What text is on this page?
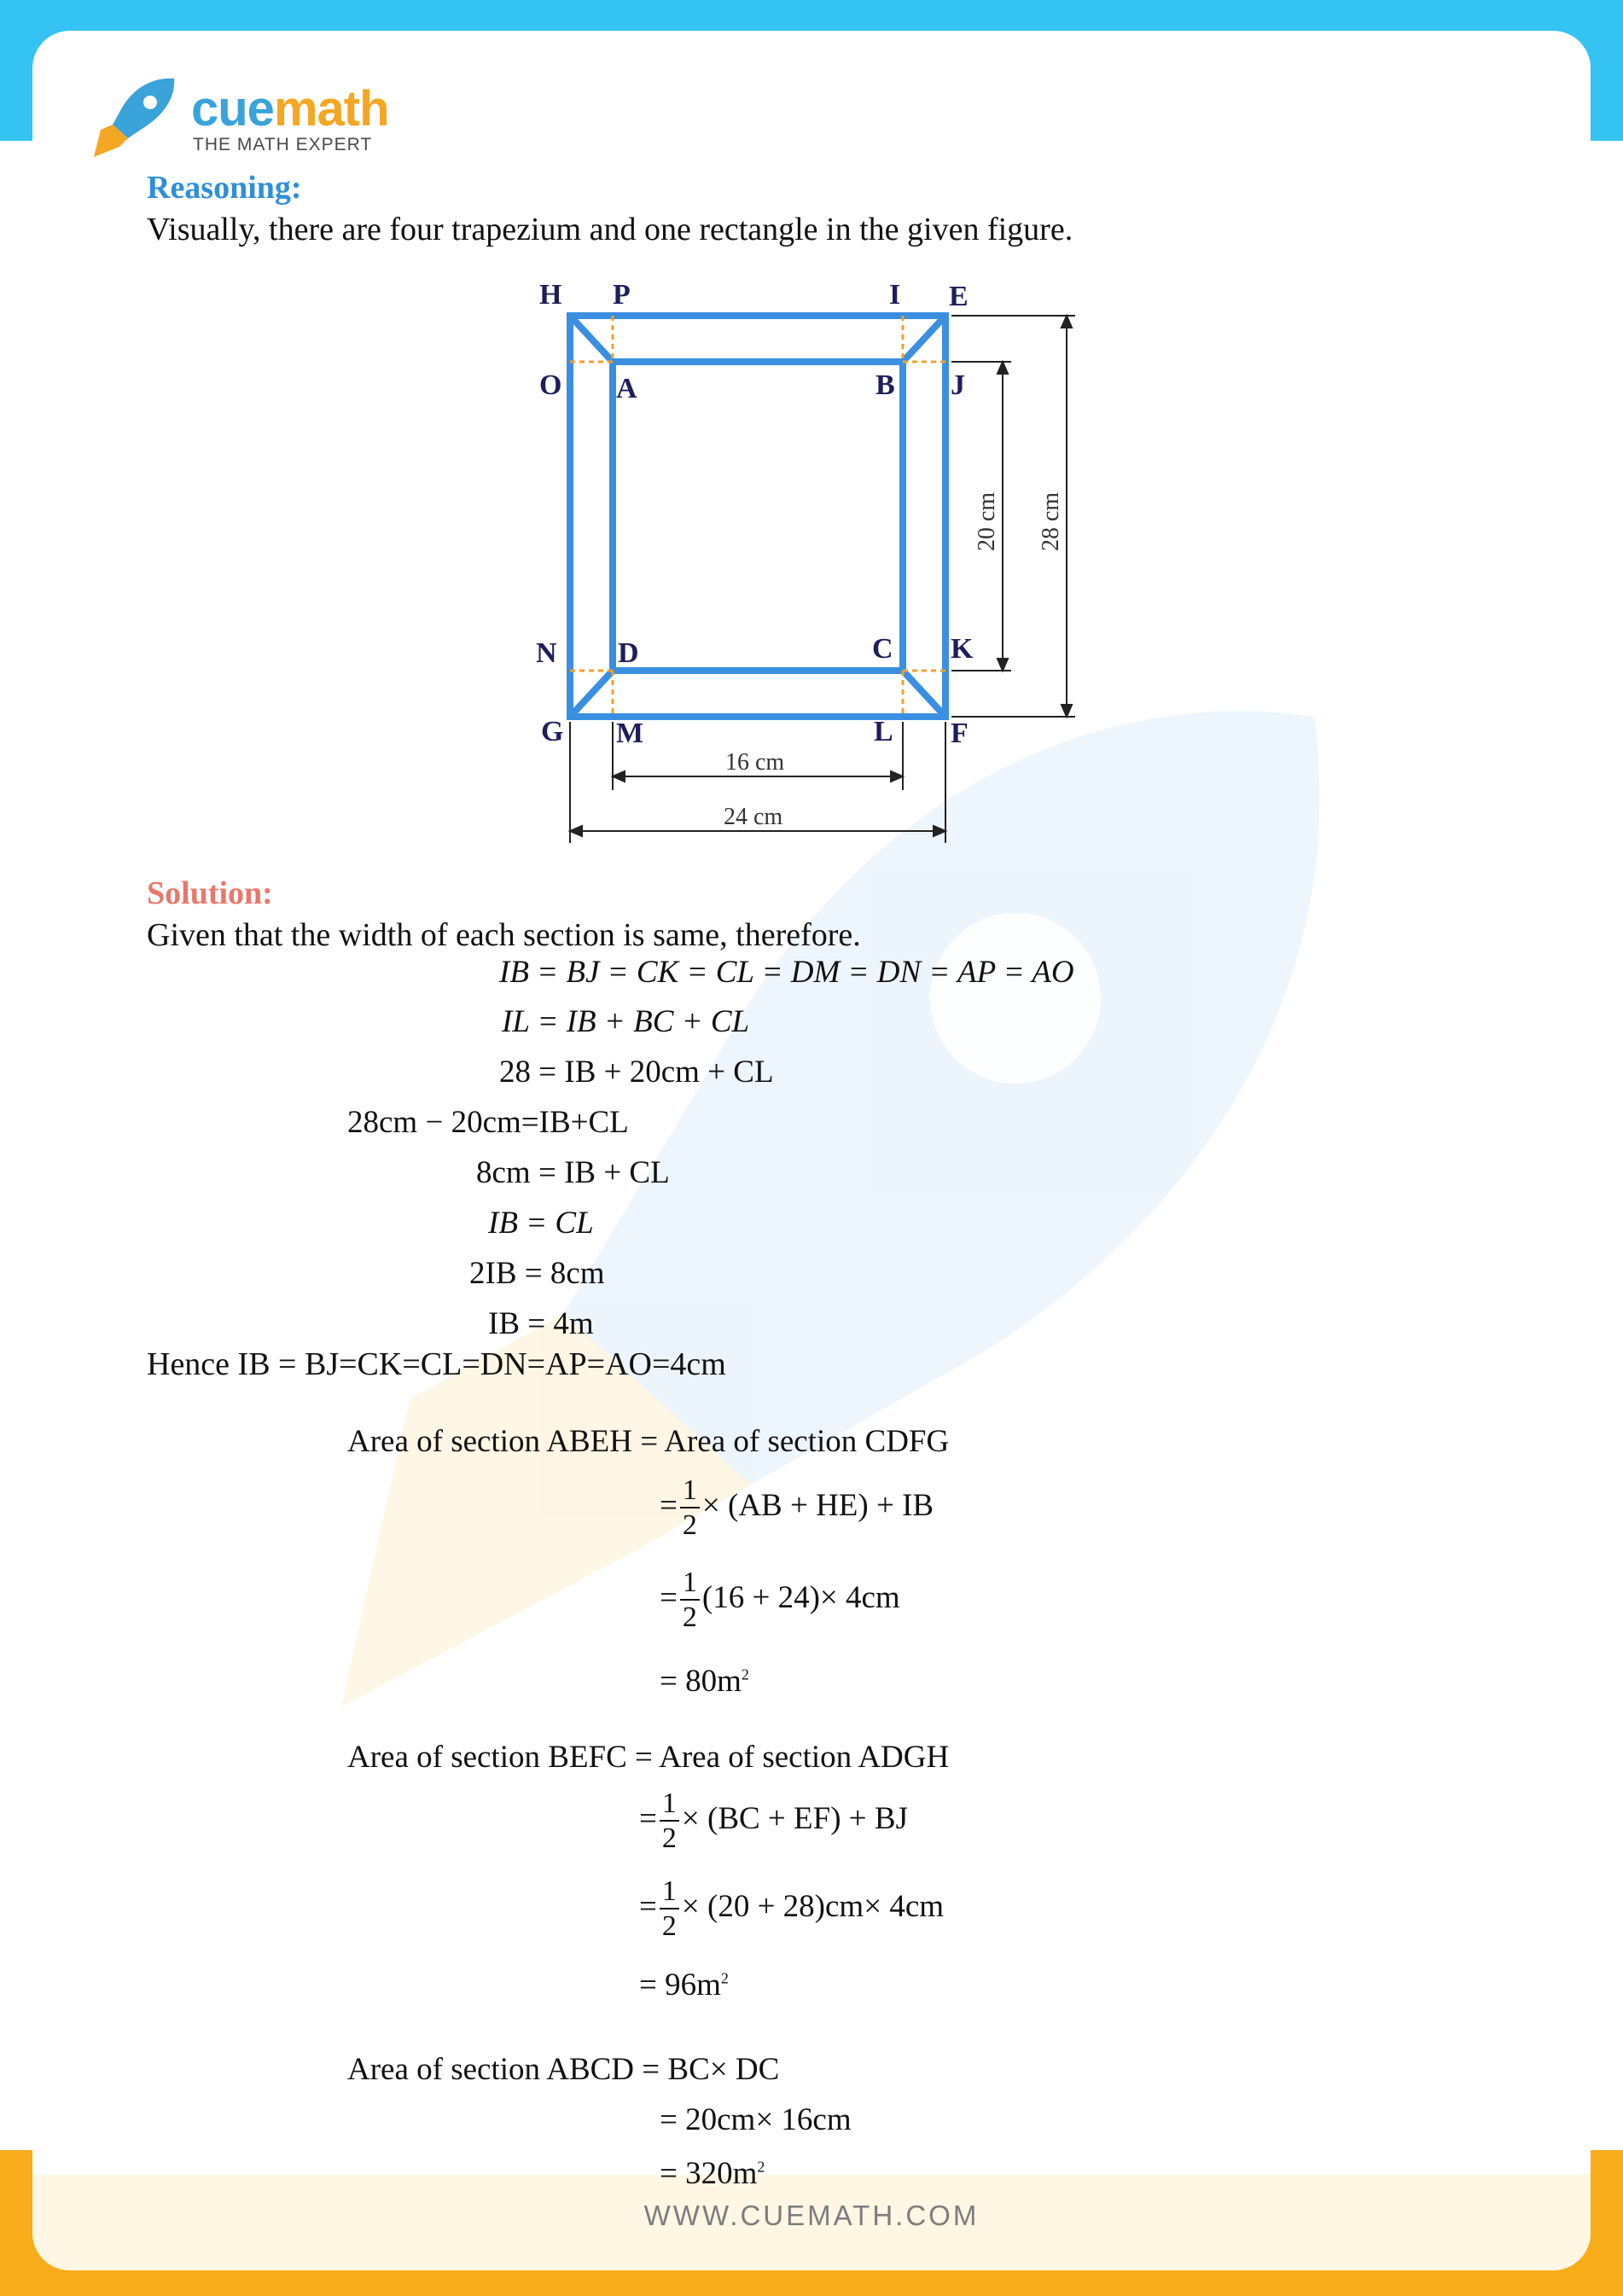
cuemath
THE MATH EXPERT
Reasoning:
Visually, there are four trapezium and one rectangle in the given figure.
H P	I E
O A	B J
N D	C K
G M	L F
16 cm
24 cm
20 cm 28 cm
Solution:
Given that the width of each section is same, therefore.
IB = BJ = CK = CL = DM = DN = AP = AO
IL = IB + BC + CL
28 = IB + 20cm + CL
28cm − 20cm=IB+CL
8cm = IB + CL
IB = CL
2IB = 8cm
IB = 4m
Hence IB = BJ=CK=CL=DN=AP=AO=4cm
Area of section ABEH = Area of section CDFG
= $\frac{1}{2} \times (AB + HE)$ + IB
= $\frac{1}{2} (16 + 24)\times 4cm$
= $80m^2$
Area of section BEFC = Area of section ADGH
= $\frac{1}{2} \times (BC + EF)$ + BJ
= $\frac{1}{2} \times (20 + 28)cm\times 4cm$
= $96m^2$
Area of section ABCD = BC× DC
= 20cm× 16cm
= $320m^2$
WWW.CUEMATH.COM
